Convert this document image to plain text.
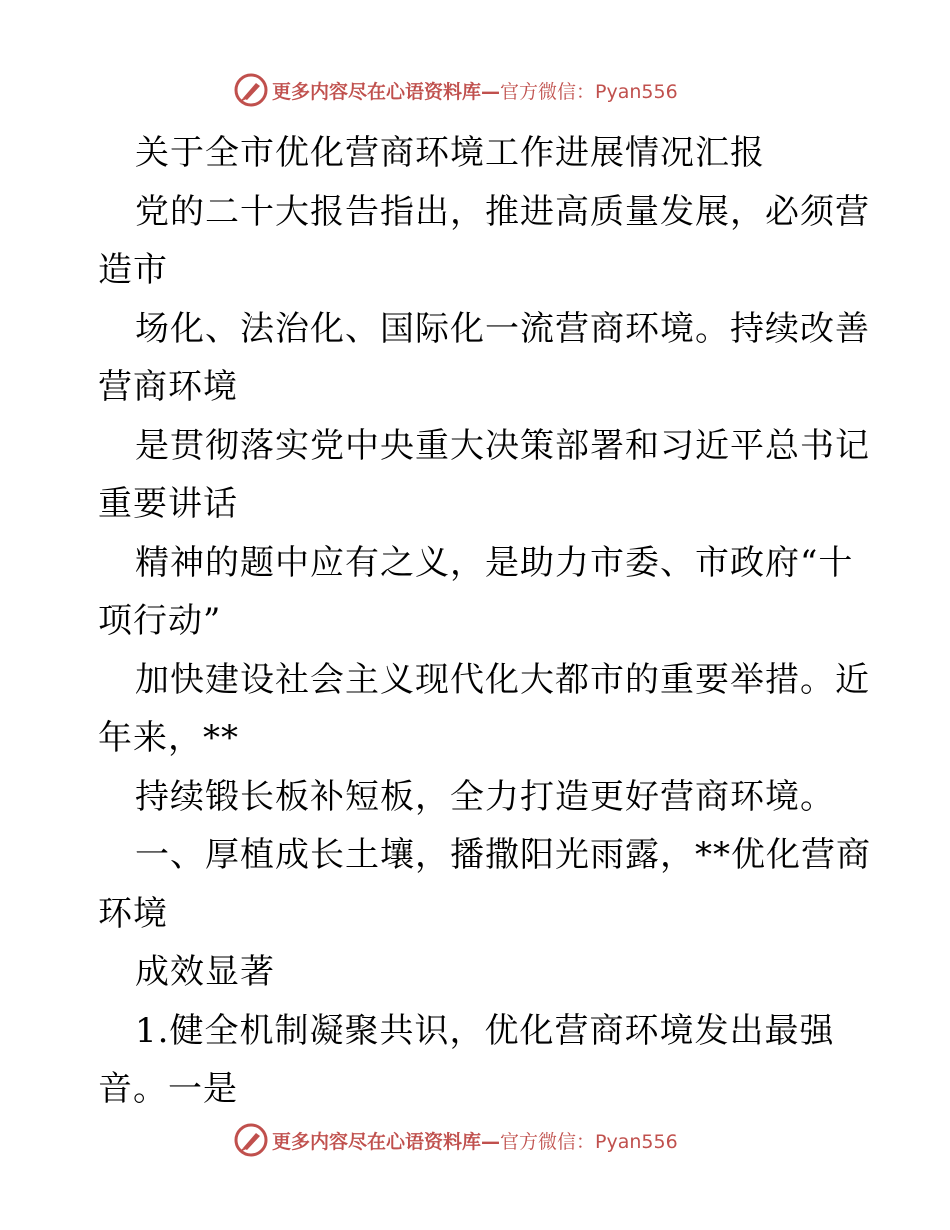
更多内容尽在心语资料库— 官方微信：Pyan556
关于全市优化营商环境工作进展情况汇报
党的二十大报告指出，推进高质量发展，必须营
造市
场化、法治化、国际化一流营商环境。持续改善
营商环境
是贯彻落实党中央重大决策部署和习近平总书记
重要讲话
精神的题中应有之义，是助力市委、市政府“十
项行动”
加快建设社会主义现代化大都市的重要举措。近
年来，**
持续锻长板补短板，全力打造更好营商环境。
一、厚植成长土壤，播撒阳光雨露，**优化营商
环境
成效显著
1.健全机制凝聚共识，优化营商环境发出最强
音。一是
更多内容尽在心语资料库— 官方微信：Pyan556
